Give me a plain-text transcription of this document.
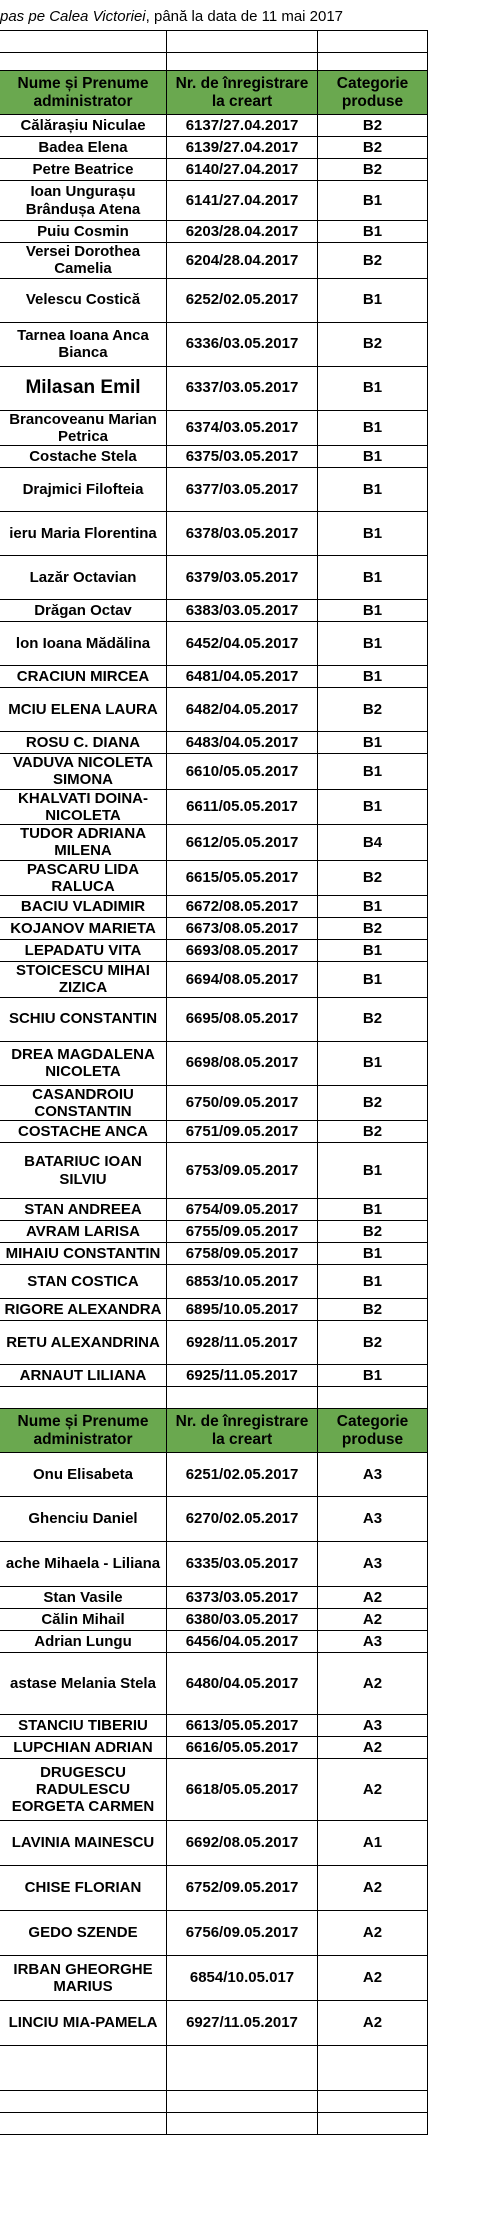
pas pe Calea Victoriei, până la data de 11 mai 2017

Nume și Prenume administrator	Nr. de înregistrare la creart	Categorie produse
Călărașiu Niculae	6137/27.04.2017	B2
Badea Elena	6139/27.04.2017	B2
Petre Beatrice	6140/27.04.2017	B2
Ioan Ungurașu Brândușa Atena	6141/27.04.2017	B1
Puiu Cosmin	6203/28.04.2017	B1
Versei Dorothea Camelia	6204/28.04.2017	B2
Velescu Costică	6252/02.05.2017	B1
Tarnea Ioana Anca Bianca	6336/03.05.2017	B2
Milasan Emil	6337/03.05.2017	B1
Brancoveanu Marian Petrica	6374/03.05.2017	B1
Costache Stela	6375/03.05.2017	B1
Drajmici Filofteia	6377/03.05.2017	B1
ieru Maria Florentina	6378/03.05.2017	B1
Lazăr Octavian	6379/03.05.2017	B1
Drăgan Octav	6383/03.05.2017	B1
lon Ioana Mădălina	6452/04.05.2017	B1
CRACIUN MIRCEA	6481/04.05.2017	B1
MCIU ELENA LAURA	6482/04.05.2017	B2
ROSU C. DIANA	6483/04.05.2017	B1
VADUVA NICOLETA SIMONA	6610/05.05.2017	B1
KHALVATI DOINA-NICOLETA	6611/05.05.2017	B1
TUDOR ADRIANA MILENA	6612/05.05.2017	B4
PASCARU LIDA RALUCA	6615/05.05.2017	B2
BACIU VLADIMIR	6672/08.05.2017	B1
KOJANOV MARIETA	6673/08.05.2017	B2
LEPADATU VITA	6693/08.05.2017	B1
STOICESCU MIHAI ZIZICA	6694/08.05.2017	B1
SCHIU CONSTANTIN	6695/08.05.2017	B2
DREA MAGDALENA NICOLETA	6698/08.05.2017	B1
CASANDROIU CONSTANTIN	6750/09.05.2017	B2
COSTACHE ANCA	6751/09.05.2017	B2
BATARIUC IOAN SILVIU	6753/09.05.2017	B1
STAN ANDREEA	6754/09.05.2017	B1
AVRAM LARISA	6755/09.05.2017	B2
MIHAIU CONSTANTIN	6758/09.05.2017	B1
STAN COSTICA	6853/10.05.2017	B1
RIGORE ALEXANDRA	6895/10.05.2017	B2
RETU ALEXANDRINA	6928/11.05.2017	B2
ARNAUT LILIANA	6925/11.05.2017	B1

Nume și Prenume administrator	Nr. de înregistrare la creart	Categorie produse
Onu Elisabeta	6251/02.05.2017	A3
Ghenciu Daniel	6270/02.05.2017	A3
ache Mihaela - Liliana	6335/03.05.2017	A3
Stan Vasile	6373/03.05.2017	A2
Călin Mihail	6380/03.05.2017	A2
Adrian Lungu	6456/04.05.2017	A3
astase Melania Stela	6480/04.05.2017	A2
STANCIU TIBERIU	6613/05.05.2017	A3
LUPCHIAN ADRIAN	6616/05.05.2017	A2
DRUGESCU RADULESCU EORGETA CARMEN	6618/05.05.2017	A2
LAVINIA MAINESCU	6692/08.05.2017	A1
CHISE FLORIAN	6752/09.05.2017	A2
GEDO SZENDE	6756/09.05.2017	A2
IRBAN GHEORGHE MARIUS	6854/10.05.017	A2
LINCIU MIA-PAMELA	6927/11.05.2017	A2
